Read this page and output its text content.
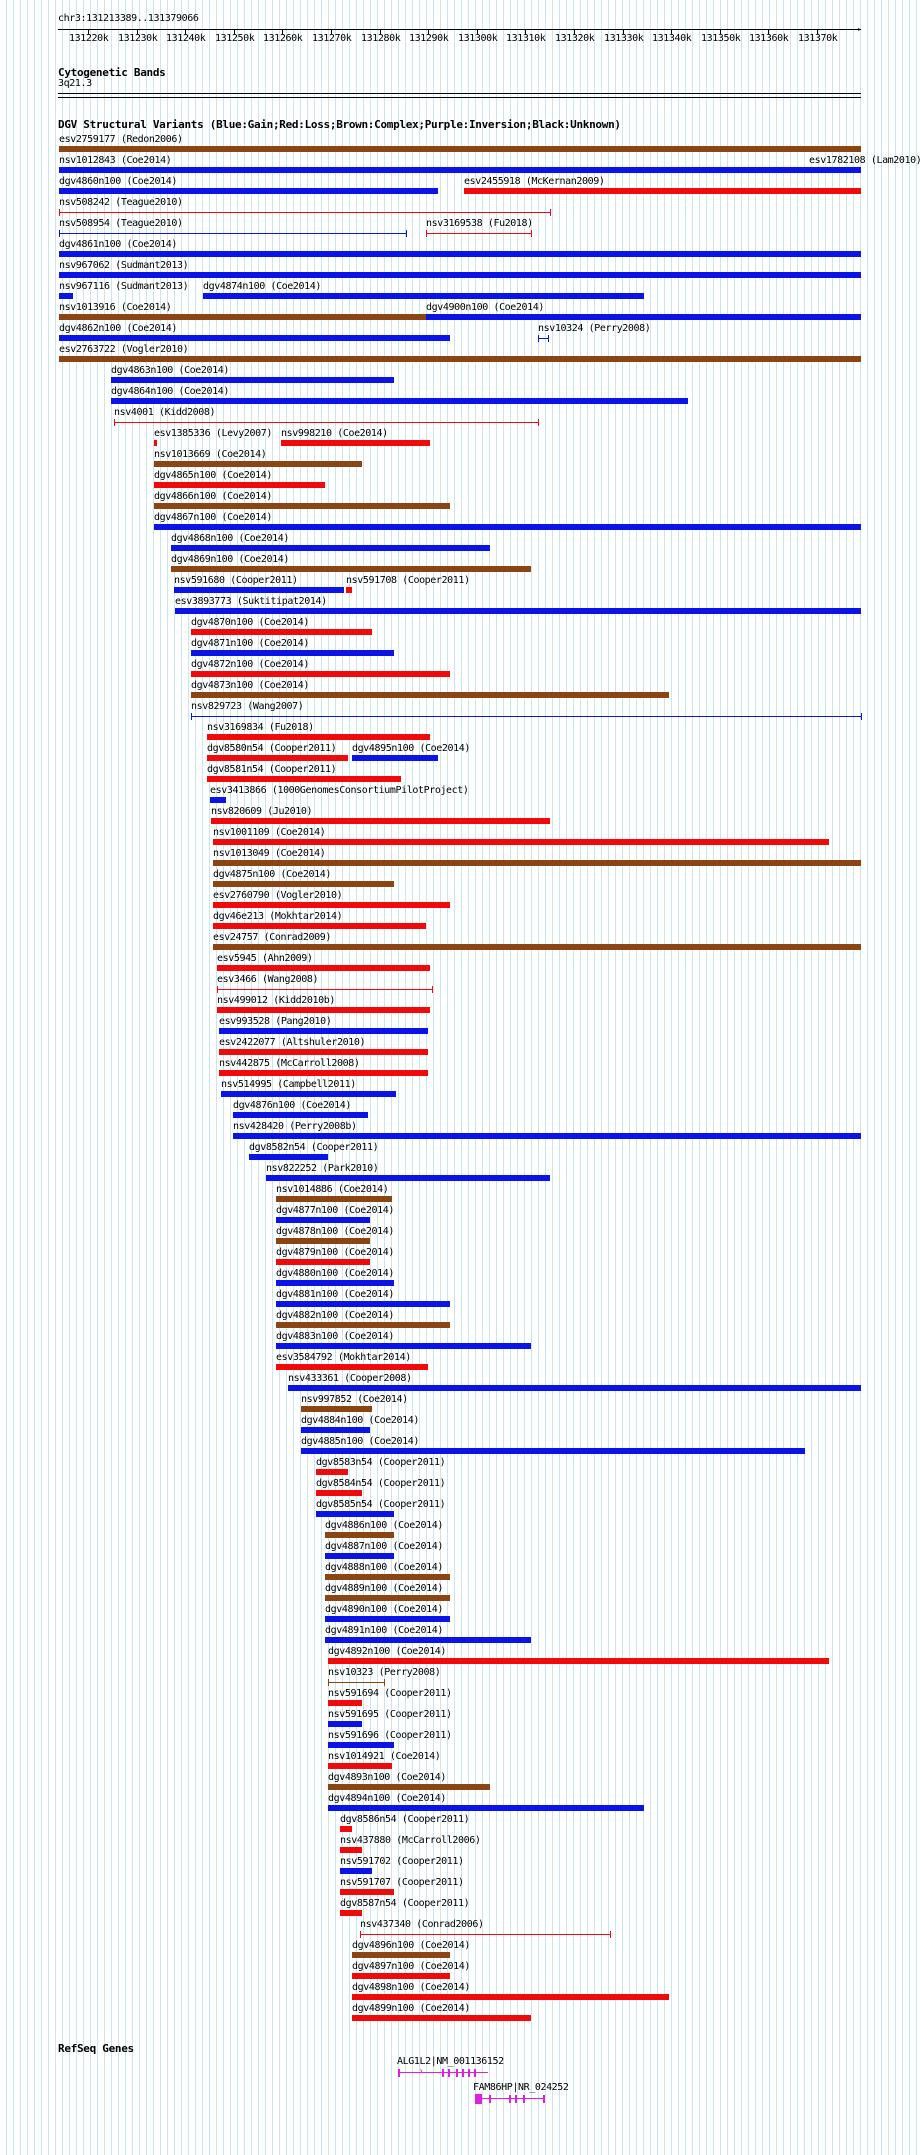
chr3:131213389..131379066
→
131220k 131230k 131240k 131250k 131260k 131270k 131280k 131290k 131300k 131310k 131320k 131330k 131340k 131350k 131360k 131370k
Cytogenetic Bands
3q21.3
DGV Structural Variants (Blue:Gain;Red:Loss;Brown:Complex;Purple:Inversion;Black:Unknown)
esv2759177 (Redon2006)
nsv1012843 (Coe2014)	esv1782108 (Lam2010)
dgv4860n100 (Coe2014)	esv2455918 (McKernan2009)
nsv508242 (Teague2010)
nsv508954 (Teague2010)	nsv3169538 (Fu2018)
dgv4861n100 (Coe2014)
nsv967062 (Sudmant2013)
nsv967116 (Sudmant2013) dgv4874n100 (Coe2014)
nsv1013916 (Coe2014)	dgv4900n100 (Coe2014)
dgv4862n100 (Coe2014)	nsv10324 (Perry2008)
esv2763722 (Vogler2010)
dgv4863n100 (Coe2014)
dgv4864n100 (Coe2014)
nsv4001 (Kidd2008)
esv1385336 (Levy2007) nsv998210 (Coe2014)
nsv1013669 (Coe2014)
dgv4865n100 (Coe2014)
dgv4866n100 (Coe2014)
dgv4867n100 (Coe2014)
dgv4868n100 (Coe2014)
dgv4869n100 (Coe2014)
nsv591680 (Cooper2011)	nsv591708 (Cooper2011)
esv3893773 (Suktitipat2014)
dgv4870n100 (Coe2014)
dgv4871n100 (Coe2014)
dgv4872n100 (Coe2014)
dgv4873n100 (Coe2014)
nsv829723 (Wang2007)
nsv3169834 (Fu2018)
dgv8580n54 (Cooper2011) dgv4895n100 (Coe2014)
dgv8581n54 (Cooper2011)
esv3413866 (1000GenomesConsortiumPilotProject)
nsv820609 (Ju2010)
nsv1001109 (Coe2014)
nsv1013049 (Coe2014)
dgv4875n100 (Coe2014)
esv2760790 (Vogler2010)
dgv46e213 (Mokhtar2014)
esv24757 (Conrad2009)
esv5945 (Ahn2009)
esv3466 (Wang2008)
nsv499012 (Kidd2010b)
esv993528 (Pang2010)
esv2422077 (Altshuler2010)
nsv442875 (McCarroll2008)
nsv514995 (Campbell2011)
dgv4876n100 (Coe2014)
nsv428420 (Perry2008b)
dgv8582n54 (Cooper2011)
nsv822252 (Park2010)
nsv1014886 (Coe2014)
dgv4877n100 (Coe2014)
dgv4878n100 (Coe2014)
dgv4879n100 (Coe2014)
dgv4880n100 (Coe2014)
dgv4881n100 (Coe2014)
dgv4882n100 (Coe2014)
dgv4883n100 (Coe2014)
esv3584792 (Mokhtar2014)
nsv433361 (Cooper2008)
nsv997852 (Coe2014)
dgv4884n100 (Coe2014)
dgv4885n100 (Coe2014)
dgv8583n54 (Cooper2011)
dgv8584n54 (Cooper2011)
dgv8585n54 (Cooper2011)
dgv4886n100 (Coe2014)
dgv4887n100 (Coe2014)
dgv4888n100 (Coe2014)
dgv4889n100 (Coe2014)
dgv4890n100 (Coe2014)
dgv4891n100 (Coe2014)
dgv4892n100 (Coe2014)
nsv10323 (Perry2008)
nsv591694 (Cooper2011)
nsv591695 (Cooper2011)
nsv591696 (Cooper2011)
nsv1014921 (Coe2014)
dgv4893n100 (Coe2014)
dgv4894n100 (Coe2014)
dgv8586n54 (Cooper2011)
nsv437880 (McCarroll2006)
nsv591702 (Cooper2011)
nsv591707 (Cooper2011)
dgv8587n54 (Cooper2011)
nsv437340 (Conrad2006)
dgv4896n100 (Coe2014)
dgv4897n100 (Coe2014)
dgv4898n100 (Coe2014)
dgv4899n100 (Coe2014)
RefSeq Genes
ALG1L2|NM_001136152
›
FAM86HP|NR_024252
